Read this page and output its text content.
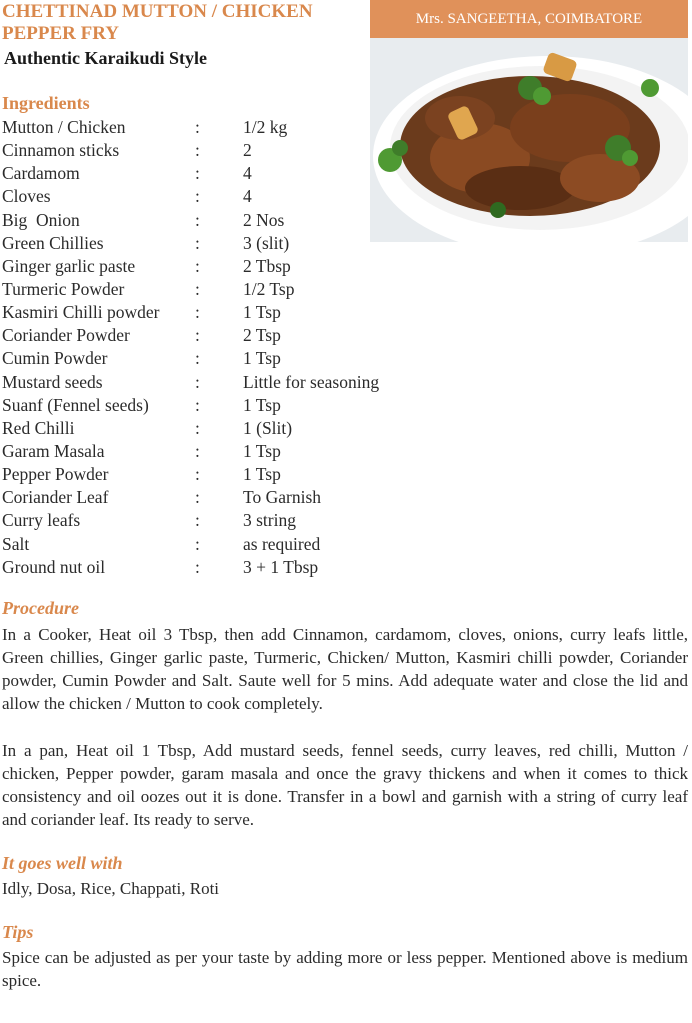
CHETTINAD MUTTON / CHICKEN PEPPER FRY
Authentic Karaikudi Style
Mrs. SANGEETHA, COIMBATORE
Ingredients
Mutton / Chicken	:	1/2 kg
Cinnamon sticks	:	2
Cardamom	:	4
Cloves	:	4
Big  Onion	:	2 Nos
Green Chillies	:	3 (slit)
Ginger garlic paste	:	2 Tbsp
Turmeric Powder	:	1/2 Tsp
Kasmiri Chilli powder	:	1 Tsp
Coriander Powder	:	2 Tsp
Cumin Powder	:	1 Tsp
Mustard seeds	:	Little for seasoning
Suanf (Fennel seeds)	:	1 Tsp
Red Chilli	:	1 (Slit)
Garam Masala	:	1 Tsp
Pepper Powder	:	1 Tsp
Coriander Leaf	:	To Garnish
Curry leafs	:	3 string
Salt	:	as required
Ground nut oil	:	3 + 1 Tbsp
Procedure

In a Cooker, Heat oil 3 Tbsp, then add Cinnamon, cardamom, cloves, onions, curry leafs little, Green chillies, Ginger garlic paste, Turmeric, Chicken/ Mutton, Kasmiri chilli powder, Coriander powder, Cumin Powder and Salt. Saute well for 5 mins. Add adequate water and close the lid and allow the chicken / Mutton to cook completely.

In a pan, Heat oil 1 Tbsp, Add mustard seeds, fennel seeds, curry leaves, red chilli, Mutton / chicken, Pepper powder, garam masala and once the gravy thickens and when it comes to thick consistency and oil oozes out it is done. Transfer in a bowl and garnish with a string of curry leaf and coriander leaf. Its ready to serve.

It goes well with

Idly, Dosa, Rice, Chappati, Roti

Tips

Spice can be adjusted as per your taste by adding more or less pepper. Mentioned above is medium spice.
